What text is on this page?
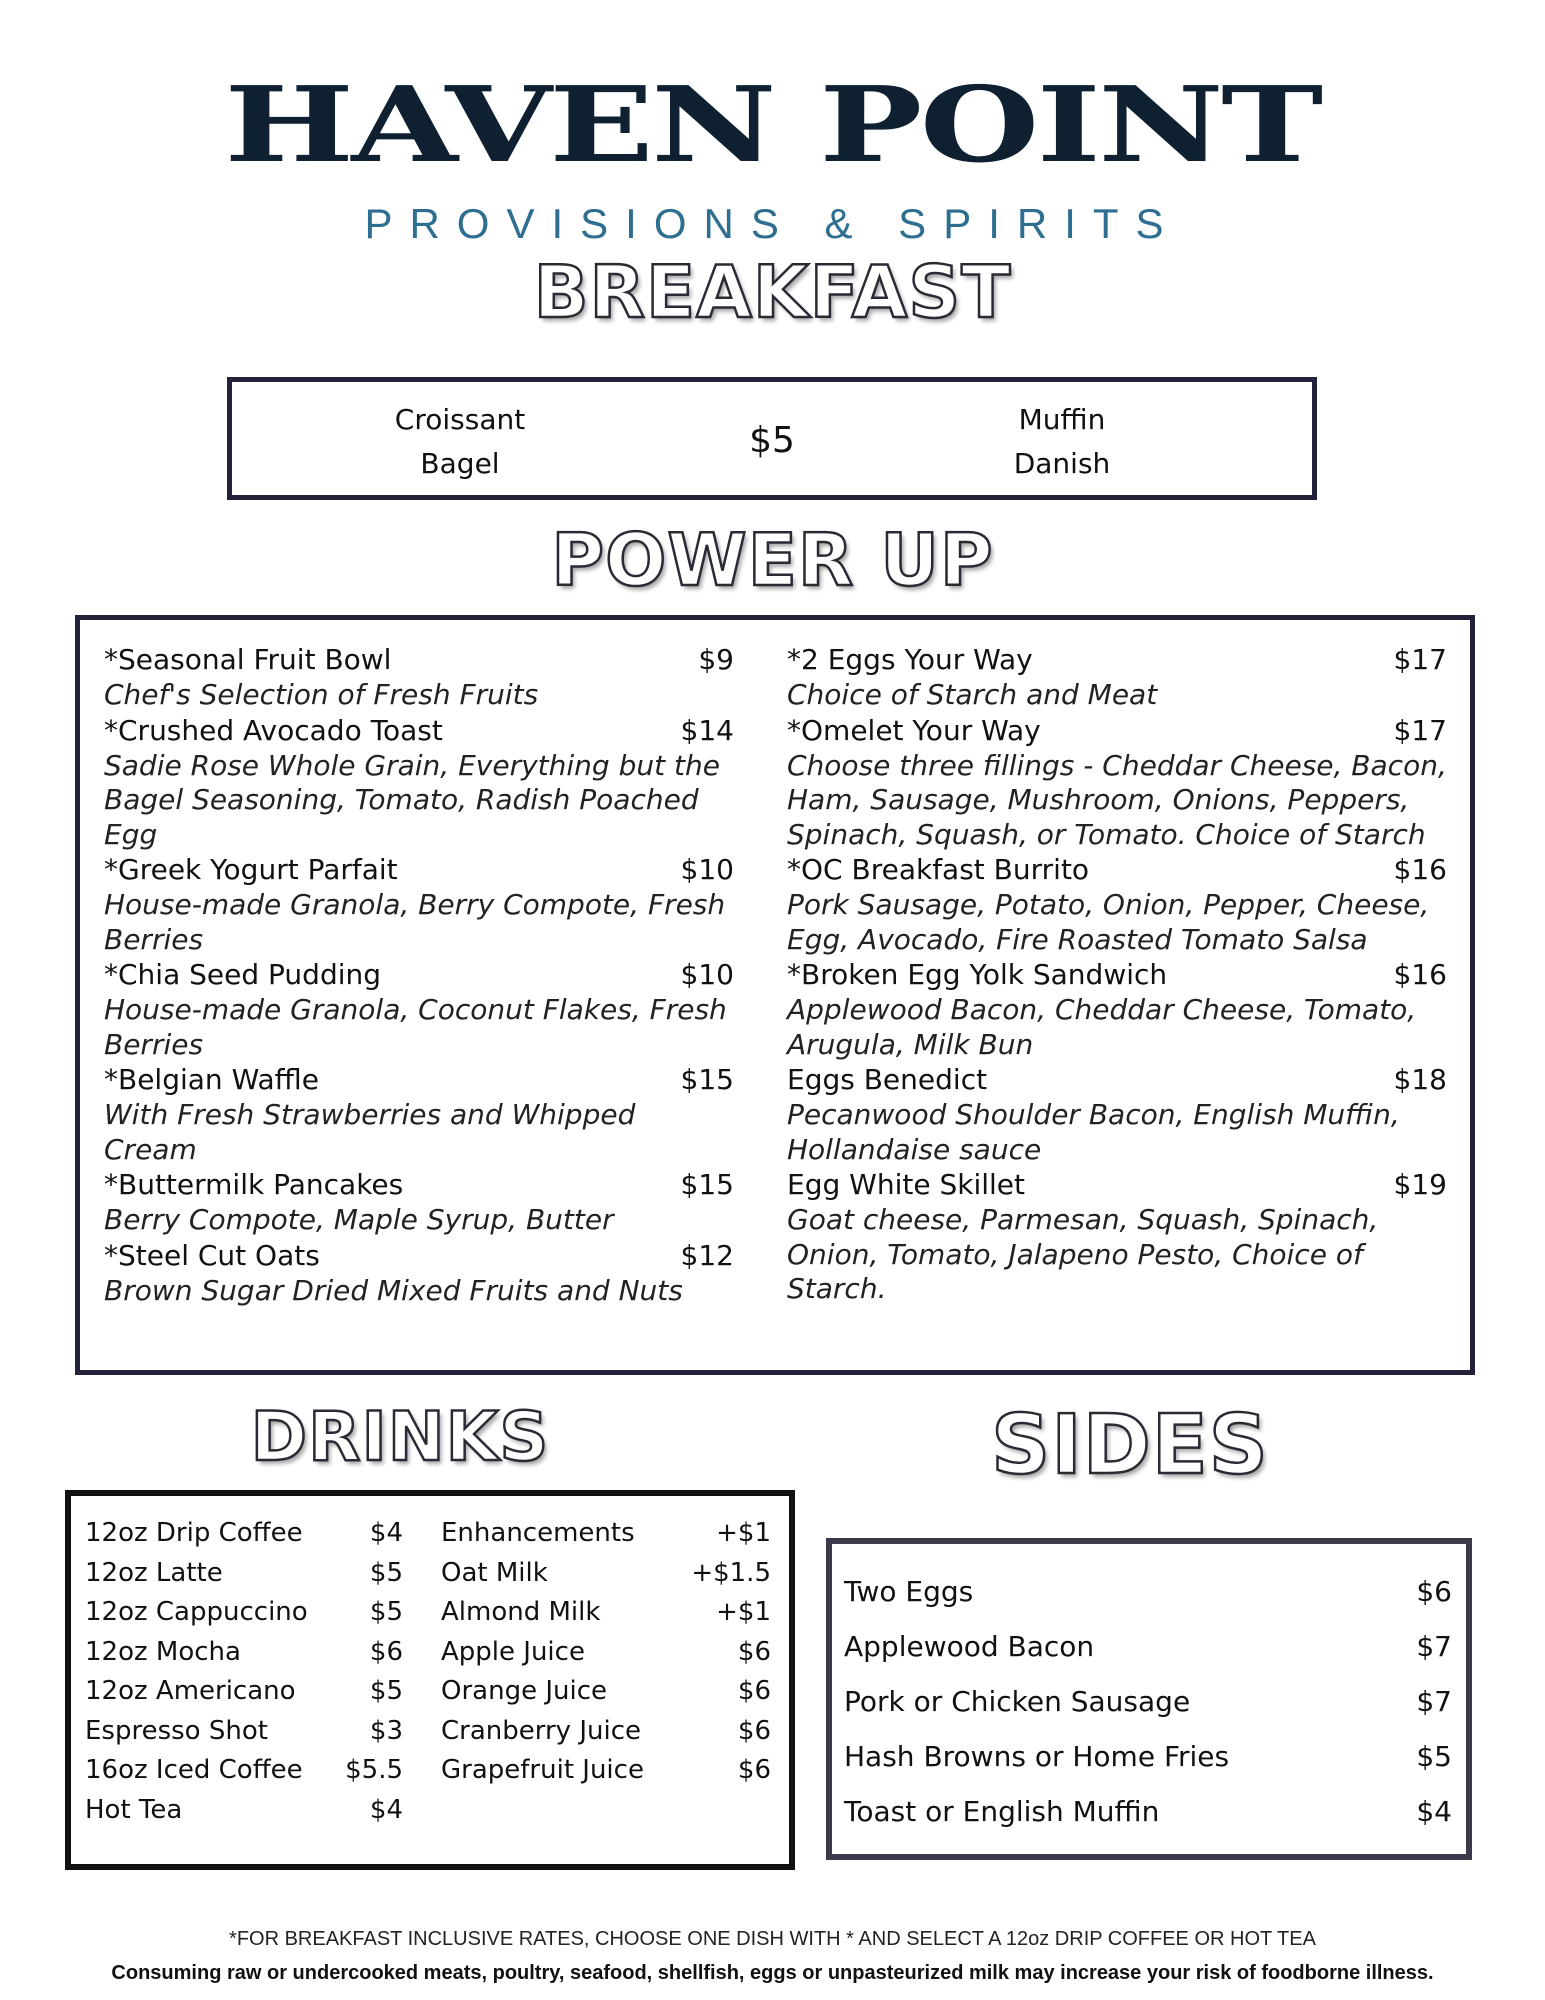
HAVEN POINT
PROVISIONS & SPIRITS
BREAKFAST
Croissant
Bagel
$5
Muffin
Danish
POWER UP
*Seasonal Fruit Bowl	$9
Chef's Selection of Fresh Fruits
*Crushed Avocado Toast	$14
Sadie Rose Whole Grain, Everything but the Bagel Seasoning, Tomato, Radish Poached Egg
*Greek Yogurt Parfait	$10
House-made Granola, Berry Compote, Fresh Berries
*Chia Seed Pudding	$10
House-made Granola, Coconut Flakes, Fresh Berries
*Belgian Waffle	$15
With Fresh Strawberries and Whipped Cream
*Buttermilk Pancakes	$15
Berry Compote, Maple Syrup, Butter
*Steel Cut Oats	$12
Brown Sugar Dried Mixed Fruits and Nuts
*2 Eggs Your Way	$17
Choice of Starch and Meat
*Omelet Your Way	$17
Choose three fillings - Cheddar Cheese, Bacon, Ham, Sausage, Mushroom, Onions, Peppers, Spinach, Squash, or Tomato. Choice of Starch
*OC Breakfast Burrito	$16
Pork Sausage, Potato, Onion, Pepper, Cheese, Egg, Avocado, Fire Roasted Tomato Salsa
*Broken Egg Yolk Sandwich	$16
Applewood Bacon, Cheddar Cheese, Tomato, Arugula, Milk Bun
Eggs Benedict	$18
Pecanwood Shoulder Bacon, English Muffin, Hollandaise sauce
Egg White Skillet	$19
Goat cheese, Parmesan, Squash, Spinach, Onion, Tomato, Jalapeno Pesto, Choice of Starch.
DRINKS	SIDES
12oz Drip Coffee	$4
12oz Latte	$5
12oz Cappuccino $5
12oz Mocha	$6
12oz Americano	$5
Espresso Shot	$3
16oz Iced Coffee $5.5
Hot Tea	$4
Enhancements	+$1
Oat Milk	+$1.5
Almond Milk	+$1
Apple Juice	$6
Orange Juice	$6
Cranberry Juice	$6
Grapefruit Juice	$6
Two Eggs	$6
Applewood Bacon	$7
Pork or Chicken Sausage	$7
Hash Browns or Home Fries	$5
Toast or English Muffin	$4
*FOR BREAKFAST INCLUSIVE RATES, CHOOSE ONE DISH WITH * AND SELECT A 12oz DRIP COFFEE OR HOT TEA
Consuming raw or undercooked meats, poultry, seafood, shellfish, eggs or unpasteurized milk may increase your risk of foodborne illness.
